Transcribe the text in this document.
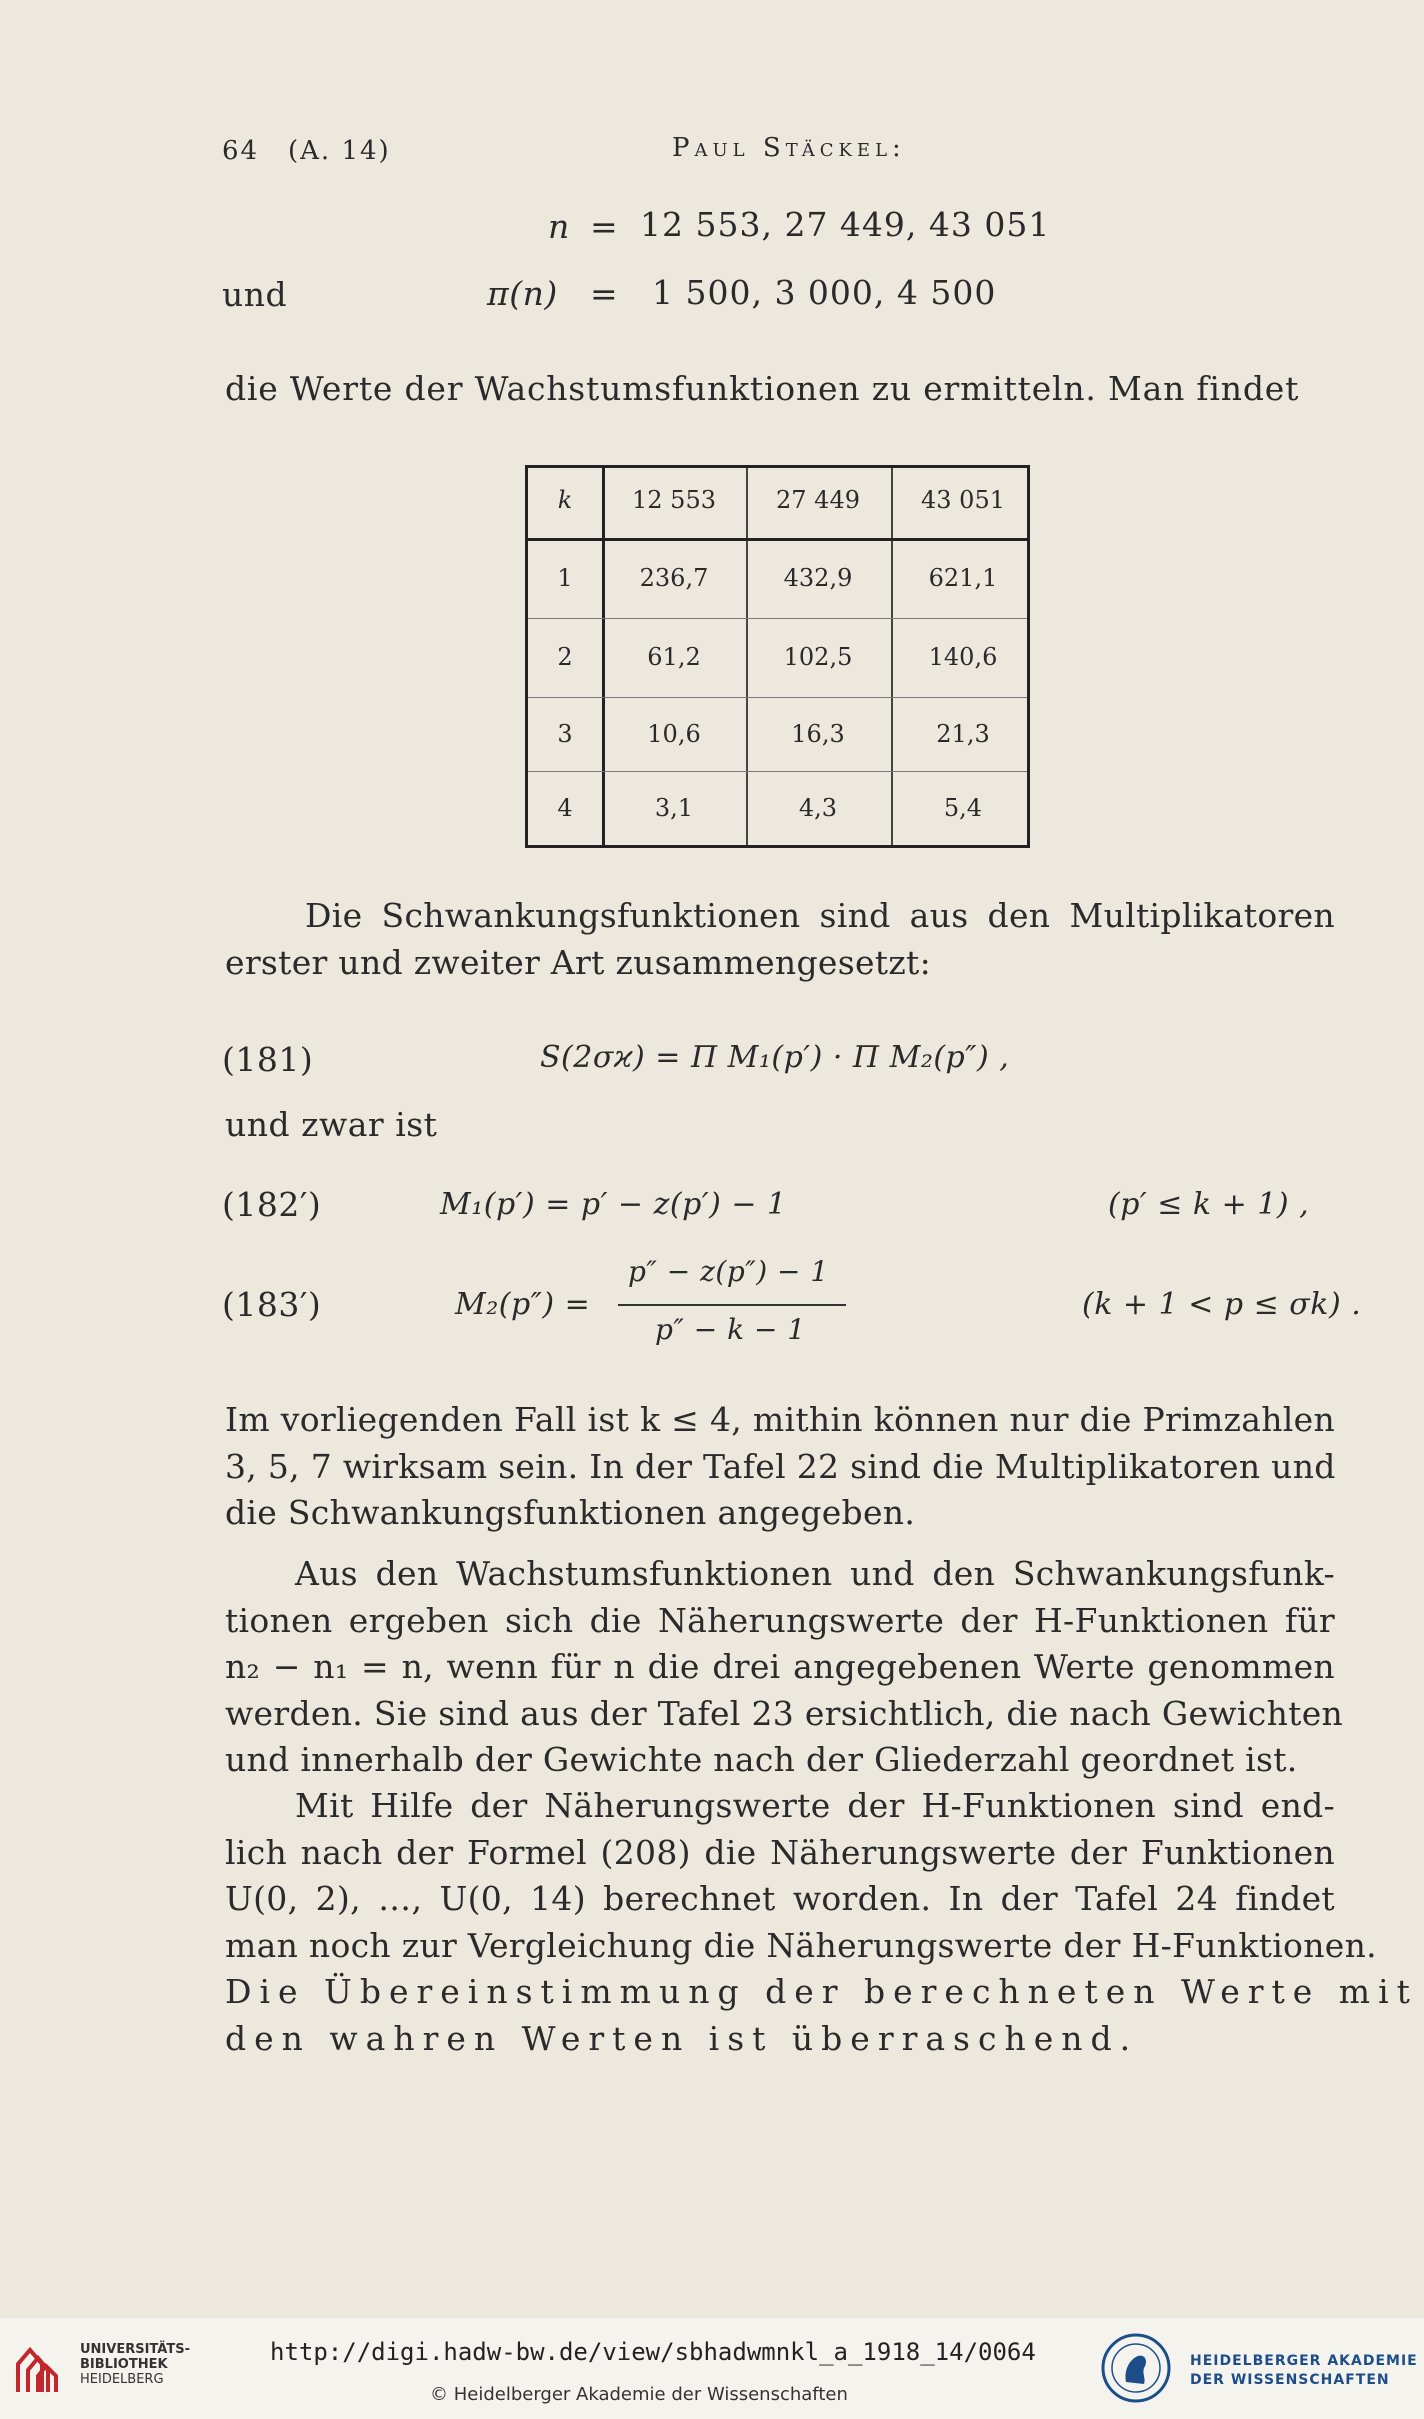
64 (A. 14)	Paul Stäckel:
n = 12 553, 27 449, 43 051
und	π(n) = 1 500, 3 000, 4 500
die Werte der Wachstumsfunktionen zu ermitteln. Man findet
k	12 553	27 449	43 051
1	236,7	432,9	621,1
2	61,2	102,5	140,6
3	10,6	16,3	21,3
4	3,1	4,3	5,4
Die Schwankungsfunktionen sind aus den Multiplikatoren
erster und zweiter Art zusammengesetzt:
(181)	S(2σϰ) = Π M₁(p′) · Π M₂(p″) ,
und zwar ist
(182′)	M₁(p′) = p′ − z(p′) − 1	(p′ ≤ k + 1) ,
(183′)	M₂(p″) =
p″ − z(p″) − 1
p″ − k − 1
(k + 1 < p ≤ σk) .
Im vorliegenden Fall ist k ≤ 4, mithin können nur die Primzahlen
3, 5, 7 wirksam sein. In der Tafel 22 sind die Multiplikatoren und
die Schwankungsfunktionen angegeben.
Aus den Wachstumsfunktionen und den Schwankungsfunk-
tionen ergeben sich die Näherungswerte der H-Funktionen für
n₂ − n₁ = n, wenn für n die drei angegebenen Werte genommen
werden. Sie sind aus der Tafel 23 ersichtlich, die nach Gewichten
und innerhalb der Gewichte nach der Gliederzahl geordnet ist.
Mit Hilfe der Näherungswerte der H-Funktionen sind end-
lich nach der Formel (208) die Näherungswerte der Funktionen
U(0, 2), …, U(0, 14) berechnet worden. In der Tafel 24 findet
man noch zur Vergleichung die Näherungswerte der H-Funktionen.
Die Übereinstimmung der berechneten Werte mit
den wahren Werten ist überraschend.
UNIVERSITÄTS-
BIBLIOTHEK
HEIDELBERG
http://digi.hadw-bw.de/view/sbhadwmnkl_a_1918_14/0064
© Heidelberger Akademie der Wissenschaften
HEIDELBERGER AKADEMIE
DER WISSENSCHAFTEN
